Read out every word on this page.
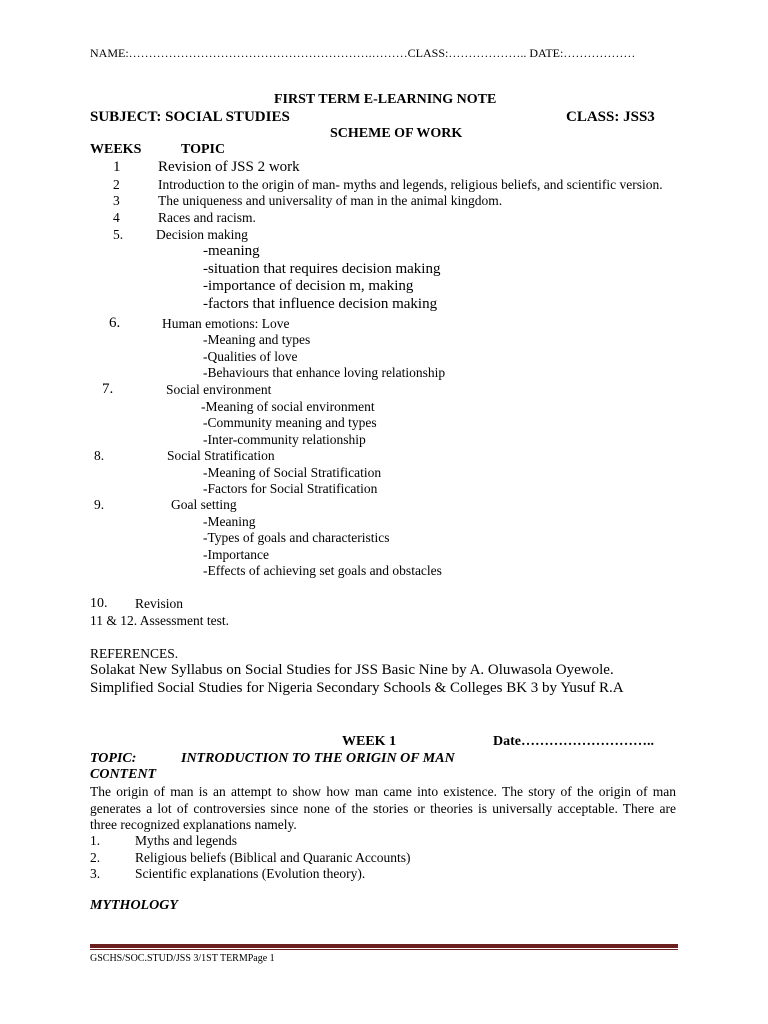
NAME:…………………………………………………….………CLASS:……………….. DATE:………………
FIRST TERM E-LEARNING NOTE
SUBJECT: SOCIAL STUDIES	CLASS: JSS3
SCHEME OF WORK
WEEKS	TOPIC
1	Revision of JSS 2 work
2	Introduction to the origin of man- myths and legends, religious beliefs, and scientific version.
3	The uniqueness and universality of man in the animal kingdom.
4	Races and racism.
5. Decision making
-meaning
-situation that requires decision making
-importance of decision m, making
-factors that influence decision making
6.	Human emotions: Love
-Meaning and types
-Qualities of love
-Behaviours that enhance loving relationship
7.	Social environment
-Meaning of social environment
-Community meaning and types
-Inter-community relationship
8.	Social Stratification
-Meaning of Social Stratification
-Factors for Social Stratification
9.	Goal setting
-Meaning
-Types of goals and characteristics
-Importance
-Effects of achieving set goals and obstacles
10. Revision
11 & 12. Assessment test.
REFERENCES.
Solakat New Syllabus on Social Studies for JSS Basic Nine by A. Oluwasola Oyewole.
Simplified Social Studies for Nigeria Secondary Schools & Colleges BK 3 by Yusuf R.A
WEEK 1	Date………………………..
TOPIC:	INTRODUCTION TO THE ORIGIN OF MAN
CONTENT
The origin of man is an attempt to show how man came into existence. The story of the origin of man generates a lot of controversies since none of the stories or theories is universally acceptable. There are three recognized explanations namely.
1.	Myths and legends
2.	Religious beliefs (Biblical and Quaranic Accounts)
3.	Scientific explanations (Evolution theory).
MYTHOLOGY
GSCHS/SOC.STUD/JSS 3/1ST TERMPage 1
